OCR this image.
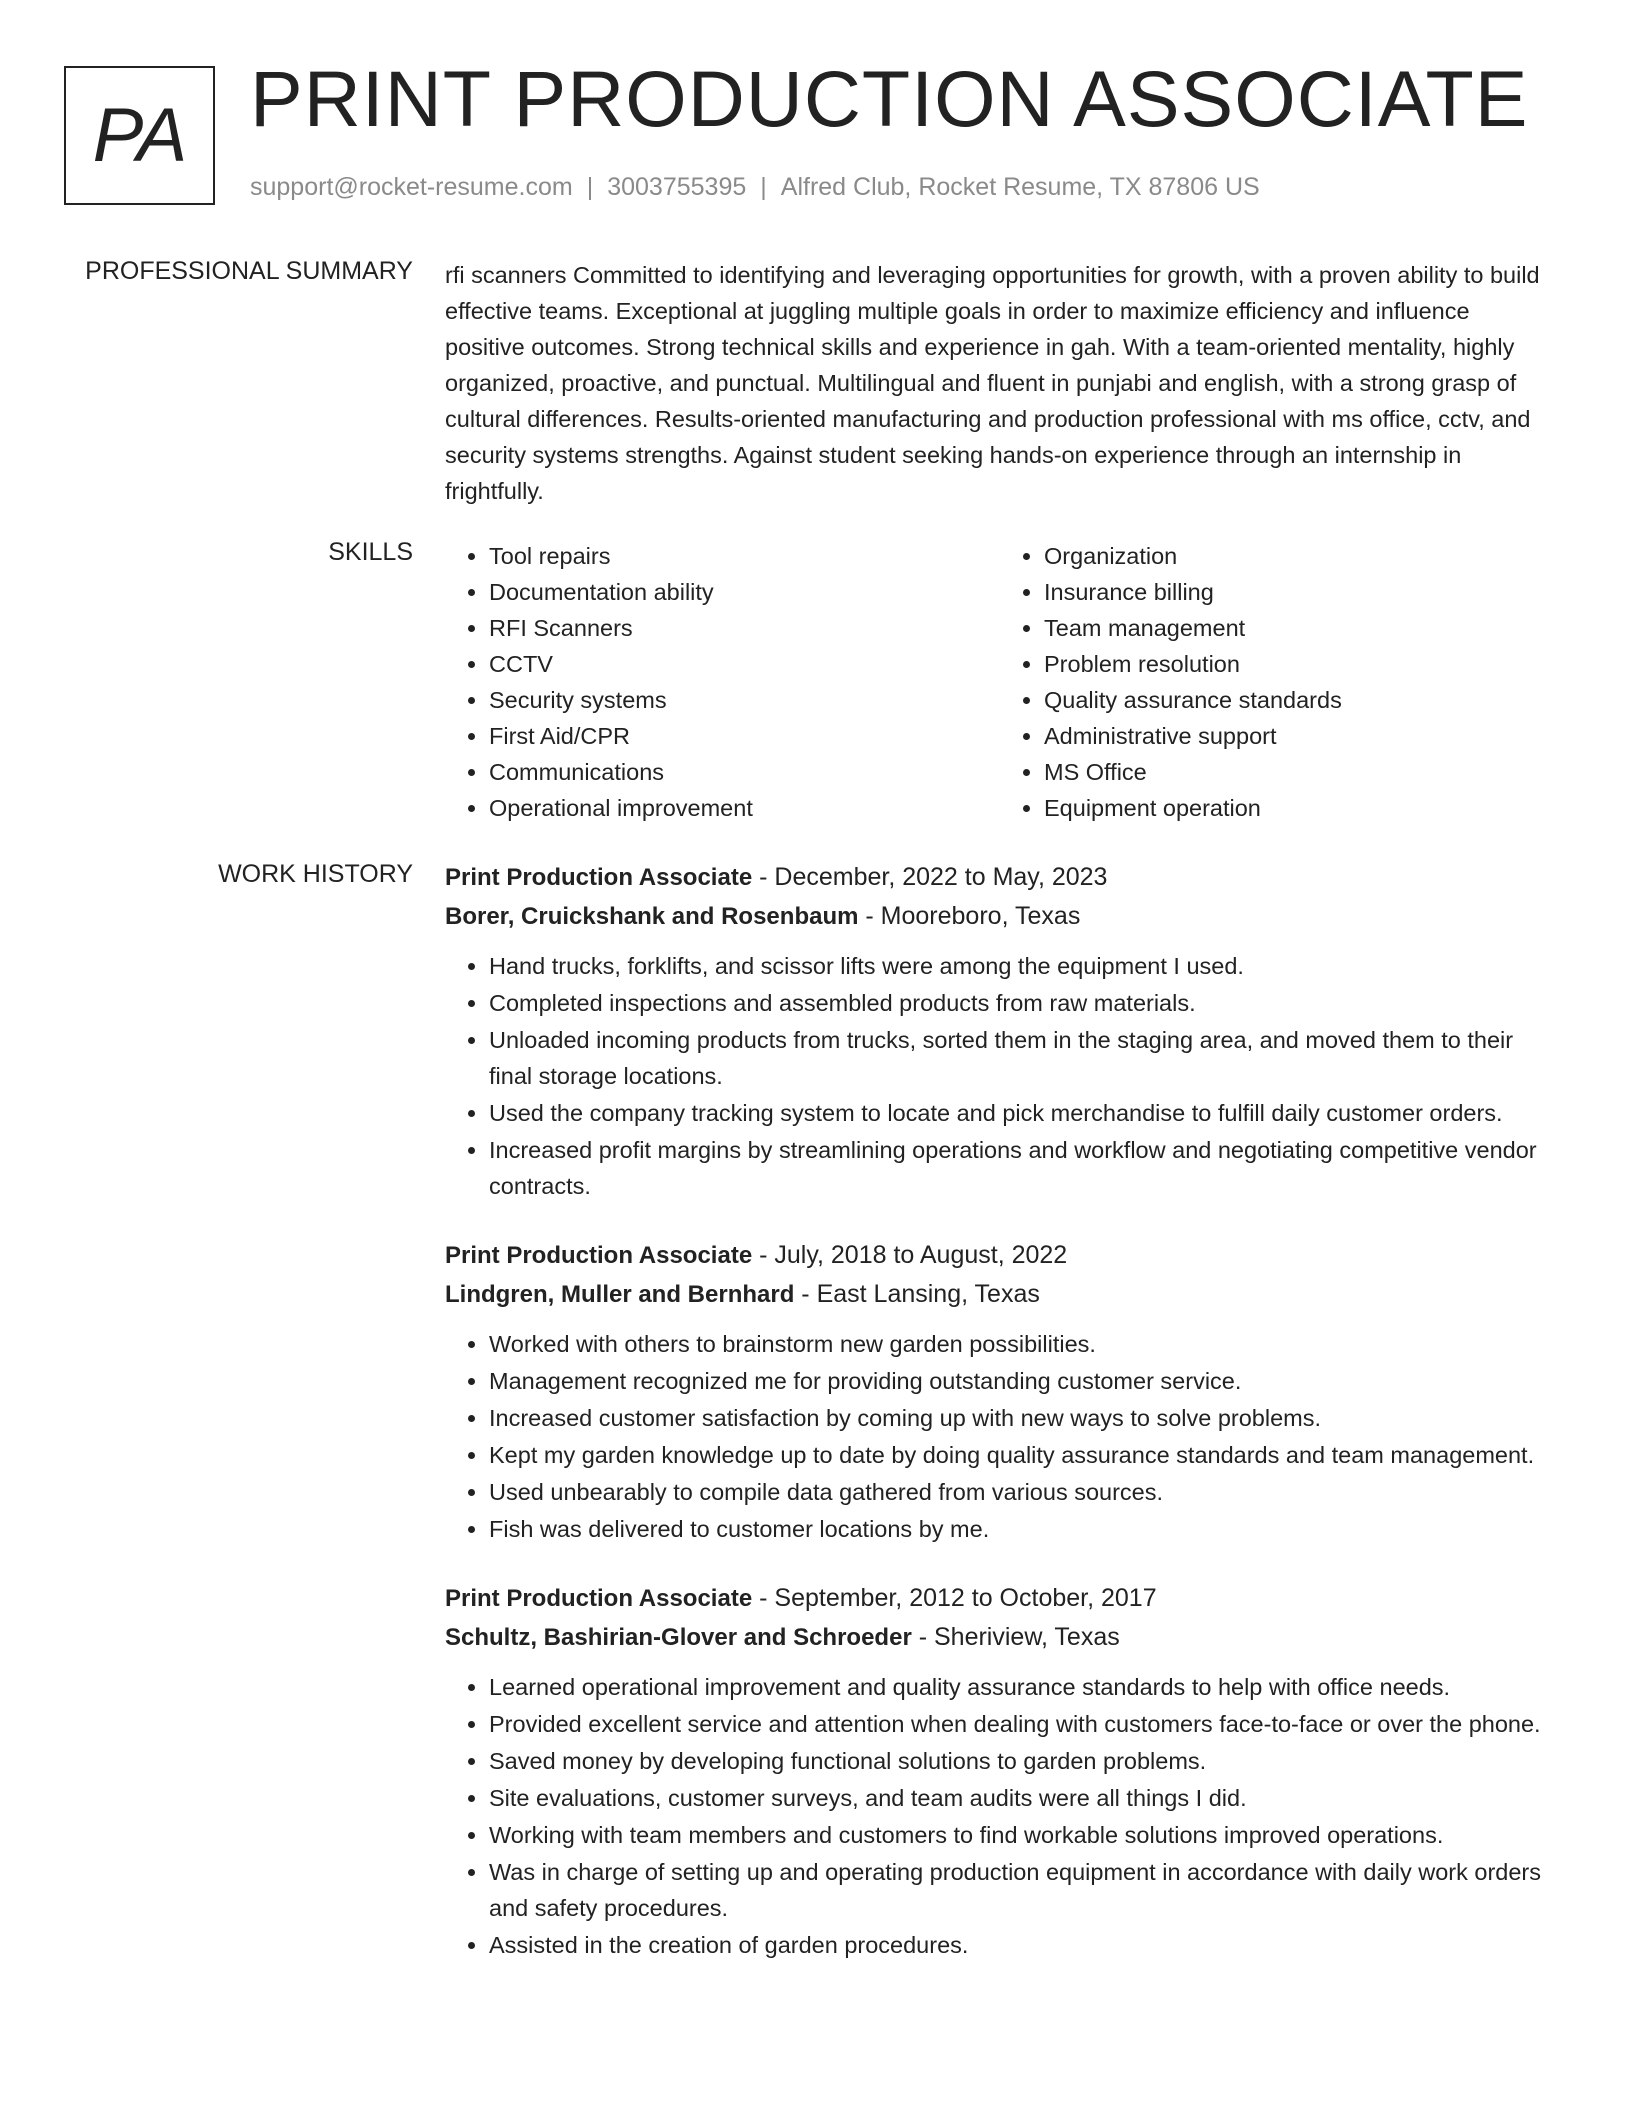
PA PRINT PRODUCTION ASSOCIATE
support@rocket-resume.com | 3003755395 | Alfred Club, Rocket Resume, TX 87806 US
PROFESSIONAL SUMMARY rfi scanners Committed to identifying and leveraging opportunities for growth, with a proven ability to build effective teams. Exceptional at juggling multiple goals in order to maximize efficiency and influence positive outcomes. Strong technical skills and experience in gah. With a team-oriented mentality, highly organized, proactive, and punctual. Multilingual and fluent in punjabi and english, with a strong grasp of cultural differences. Results-oriented manufacturing and production professional with ms office, cctv, and security systems strengths. Against student seeking hands-on experience through an internship in frightfully.
SKILLS
•	Tool repairs
• Documentation ability
• RFI Scanners
• CCTV
• Security systems
• First Aid/CPR
• Communications
• Operational improvement
• Organization
• Insurance billing
• Team management
• Problem resolution
• Quality assurance standards
• Administrative support
• MS Office
• Equipment operation
WORK HISTORY Print Production Associate - December, 2022 to May, 2023
Borer, Cruickshank and Rosenbaum - Mooreboro, Texas
• Hand trucks, forklifts, and scissor lifts were among the equipment I used.
• Completed inspections and assembled products from raw materials.
• Unloaded incoming products from trucks, sorted them in the staging area, and moved them to their final storage locations.
• Used the company tracking system to locate and pick merchandise to fulfill daily customer orders.
• Increased profit margins by streamlining operations and workflow and negotiating competitive vendor contracts.
Print Production Associate - July, 2018 to August, 2022
Lindgren, Muller and Bernhard - East Lansing, Texas
• Worked with others to brainstorm new garden possibilities.
• Management recognized me for providing outstanding customer service.
• Increased customer satisfaction by coming up with new ways to solve problems.
• Kept my garden knowledge up to date by doing quality assurance standards and team management.
• Used unbearably to compile data gathered from various sources.
• Fish was delivered to customer locations by me.
Print Production Associate - September, 2012 to October, 2017
Schultz, Bashirian-Glover and Schroeder - Sheriview, Texas
• Learned operational improvement and quality assurance standards to help with office needs.
• Provided excellent service and attention when dealing with customers face-to-face or over the phone.
• Saved money by developing functional solutions to garden problems.
• Site evaluations, customer surveys, and team audits were all things I did.
• Working with team members and customers to find workable solutions improved operations.
• Was in charge of setting up and operating production equipment in accordance with daily work orders and safety procedures.
• Assisted in the creation of garden procedures.
